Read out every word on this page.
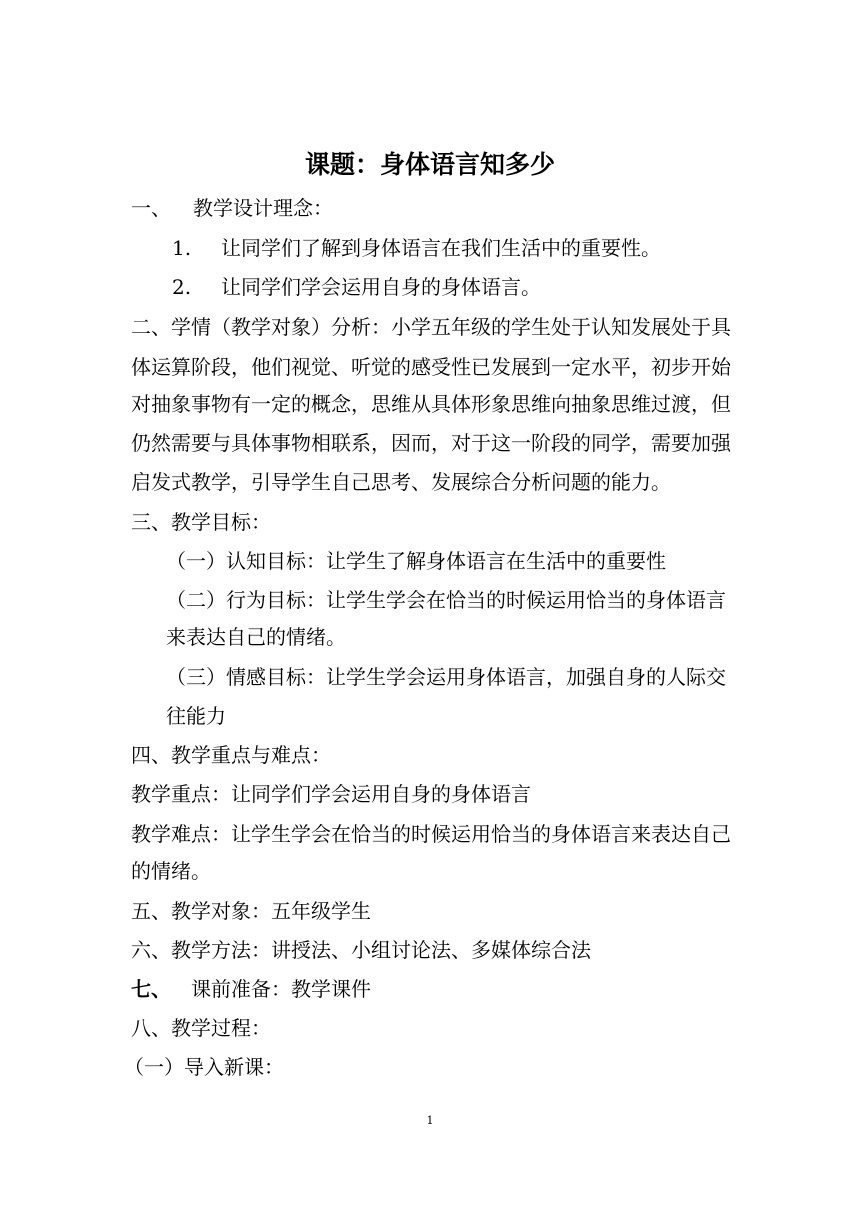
课题：身体语言知多少
一、 教学设计理念：
1. 让同学们了解到身体语言在我们生活中的重要性。
2. 让同学们学会运用自身的身体语言。
二、学情（教学对象）分析：小学五年级的学生处于认知发展处于具
体运算阶段，他们视觉、听觉的感受性已发展到一定水平，初步开始
对抽象事物有一定的概念，思维从具体形象思维向抽象思维过渡，但
仍然需要与具体事物相联系，因而，对于这一阶段的同学，需要加强
启发式教学，引导学生自己思考、发展综合分析问题的能力。
三、教学目标：
（一）认知目标：让学生了解身体语言在生活中的重要性
（二）行为目标：让学生学会在恰当的时候运用恰当的身体语言
来表达自己的情绪。
（三）情感目标：让学生学会运用身体语言，加强自身的人际交
往能力
四、教学重点与难点：
教学重点：让同学们学会运用自身的身体语言
教学难点：让学生学会在恰当的时候运用恰当的身体语言来表达自己
的情绪。
五、教学对象：五年级学生
六、教学方法：讲授法、小组讨论法、多媒体综合法
七、 课前准备：教学课件
八、教学过程：
（一）导入新课：
1
